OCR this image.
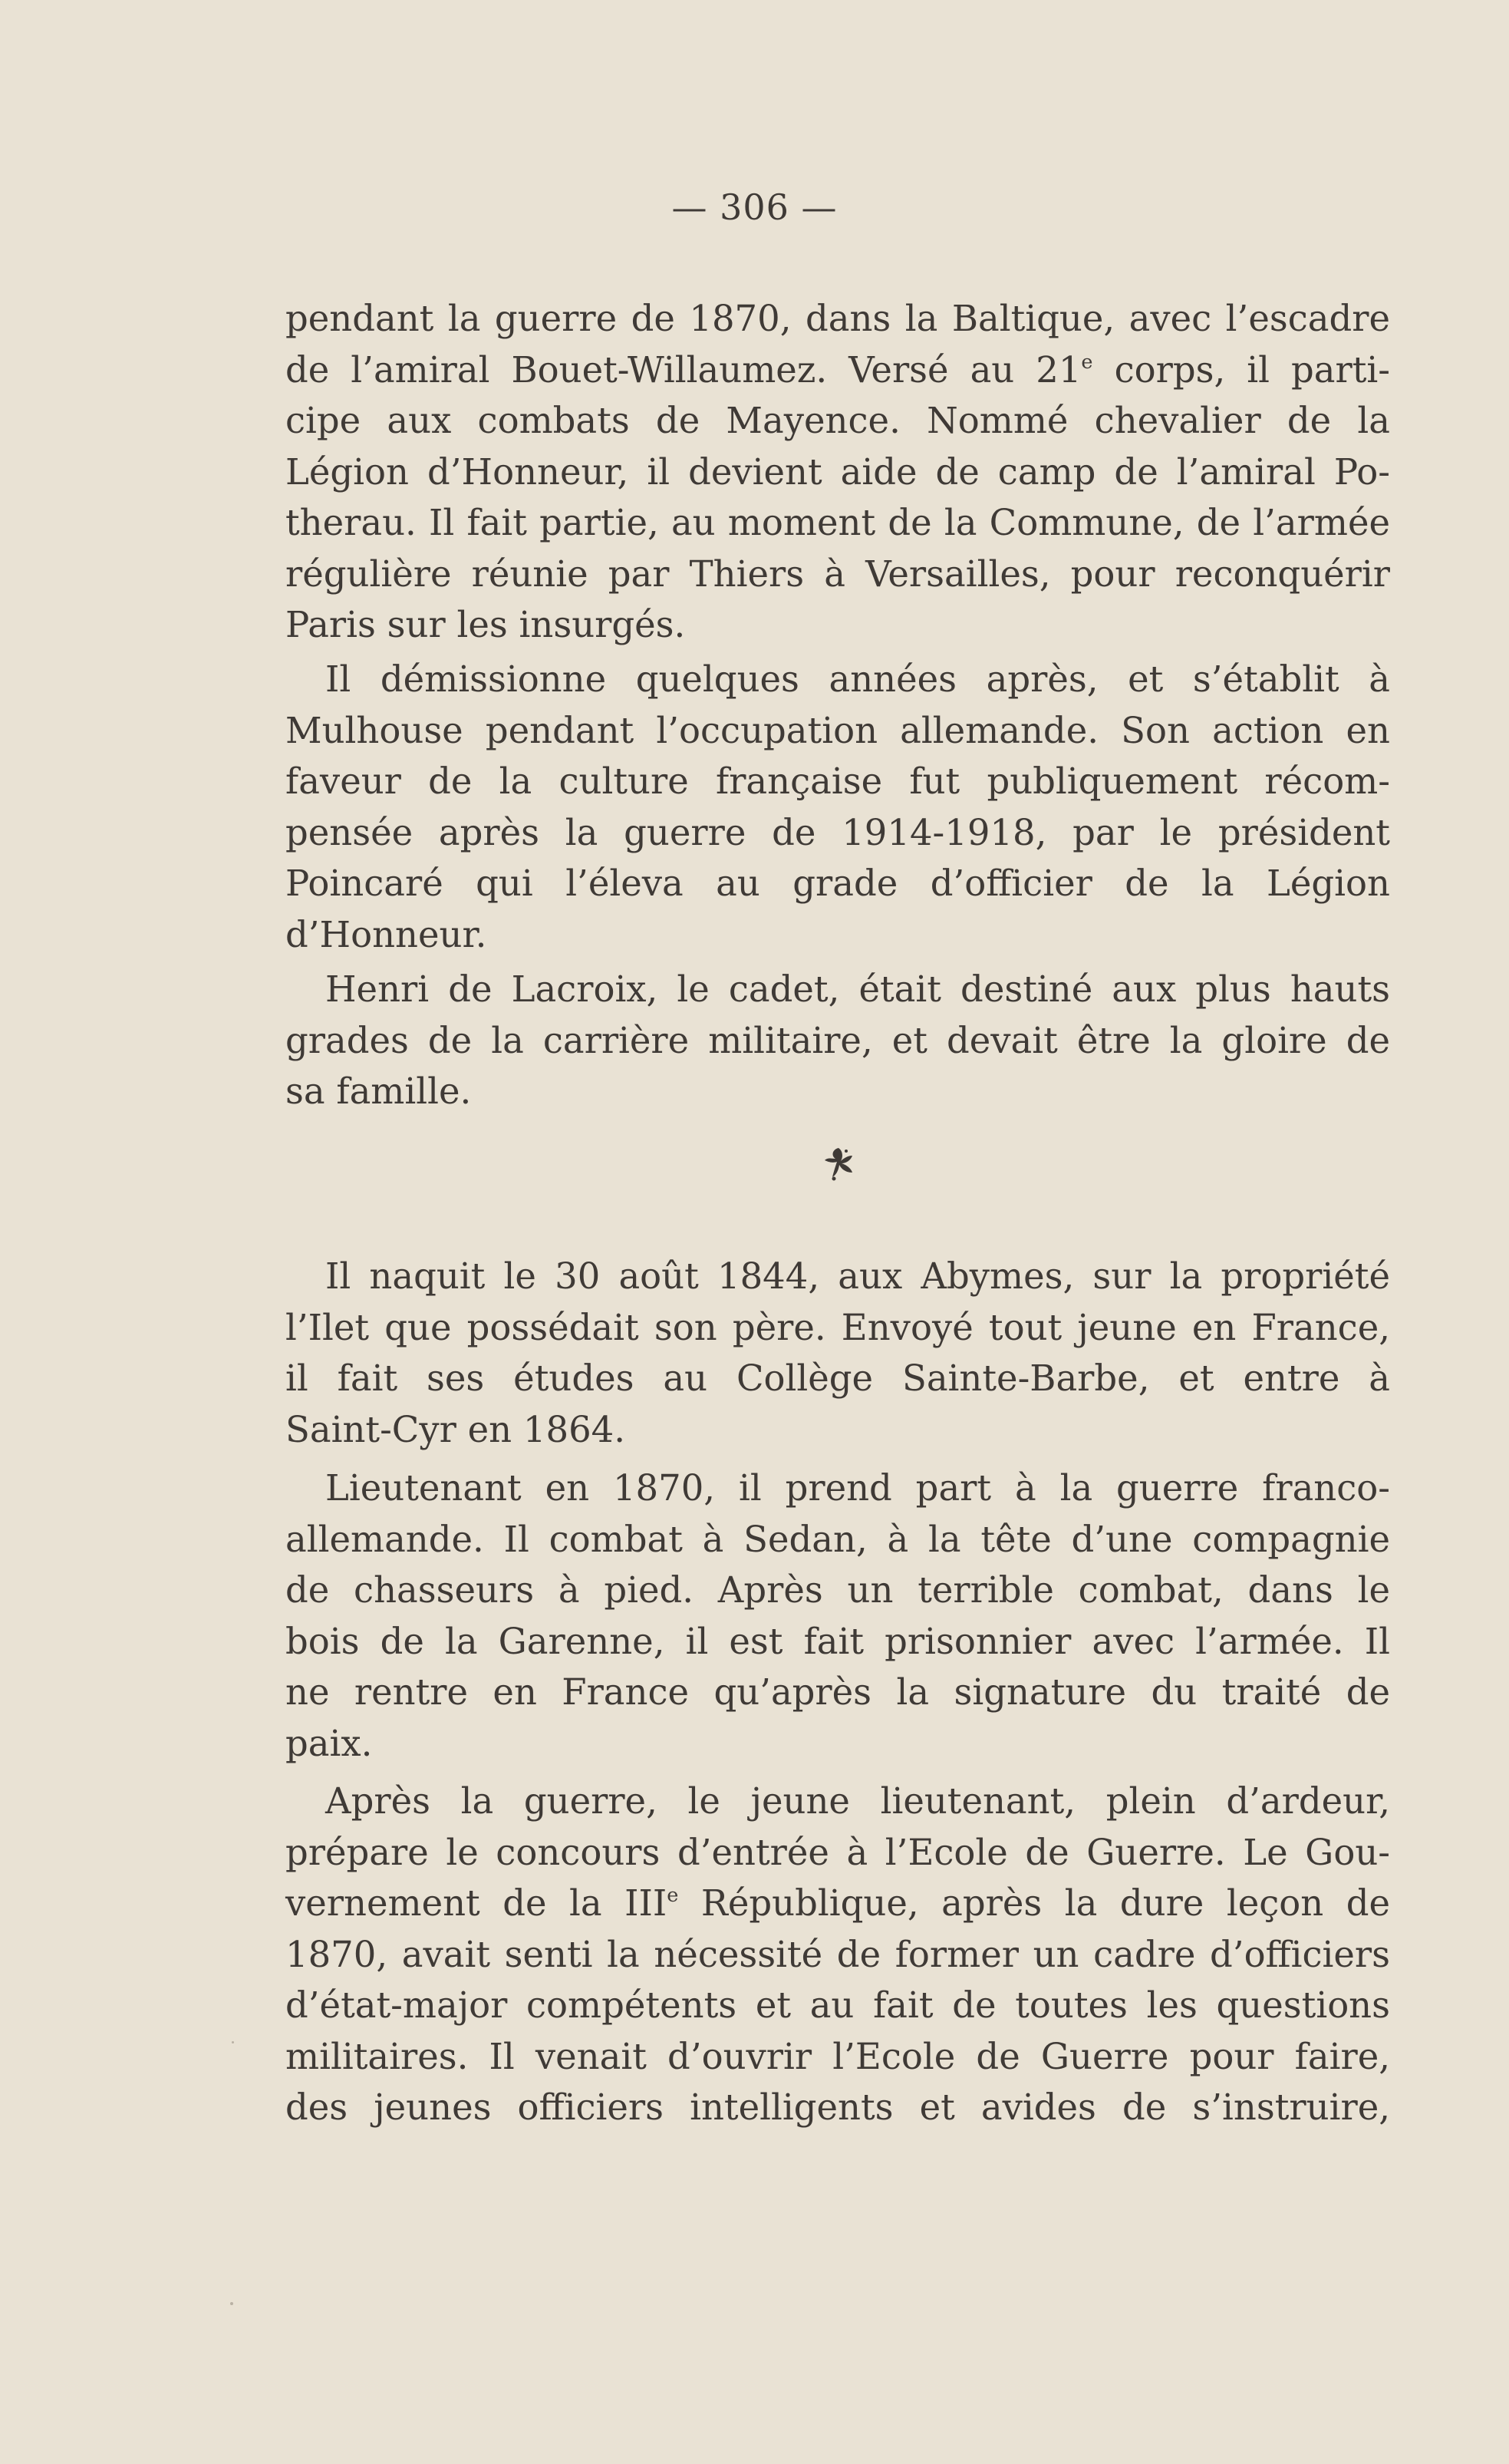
— 306 —
pendant la guerre de 1870, dans la Baltique, avec l’escadre
de l’amiral Bouet-Willaumez. Versé au 21e corps, il parti-
cipe aux combats de Mayence. Nommé chevalier de la
Légion d’Honneur, il devient aide de camp de l’amiral Po-
therau. Il fait partie, au moment de la Commune, de l’armée
régulière réunie par Thiers à Versailles, pour reconquérir
Paris sur les insurgés.
Il démissionne quelques années après, et s’établit à
Mulhouse pendant l’occupation allemande. Son action en
faveur de la culture française fut publiquement récom-
pensée après la guerre de 1914-1918, par le président
Poincaré qui l’éleva au grade d’officier de la Légion
d’Honneur.
Henri de Lacroix, le cadet, était destiné aux plus hauts
grades de la carrière militaire, et devait être la gloire de
sa famille.
Il naquit le 30 août 1844, aux Abymes, sur la propriété
l’Ilet que possédait son père. Envoyé tout jeune en France,
il fait ses études au Collège Sainte-Barbe, et entre à
Saint-Cyr en 1864.
Lieutenant en 1870, il prend part à la guerre franco-
allemande. Il combat à Sedan, à la tête d’une compagnie
de chasseurs à pied. Après un terrible combat, dans le
bois de la Garenne, il est fait prisonnier avec l’armée. Il
ne rentre en France qu’après la signature du traité de
paix.
Après la guerre, le jeune lieutenant, plein d’ardeur,
prépare le concours d’entrée à l’Ecole de Guerre. Le Gou-
vernement de la IIIe République, après la dure leçon de
1870, avait senti la nécessité de former un cadre d’officiers
d’état-major compétents et au fait de toutes les questions
militaires. Il venait d’ouvrir l’Ecole de Guerre pour faire,
des jeunes officiers intelligents et avides de s’instruire,
